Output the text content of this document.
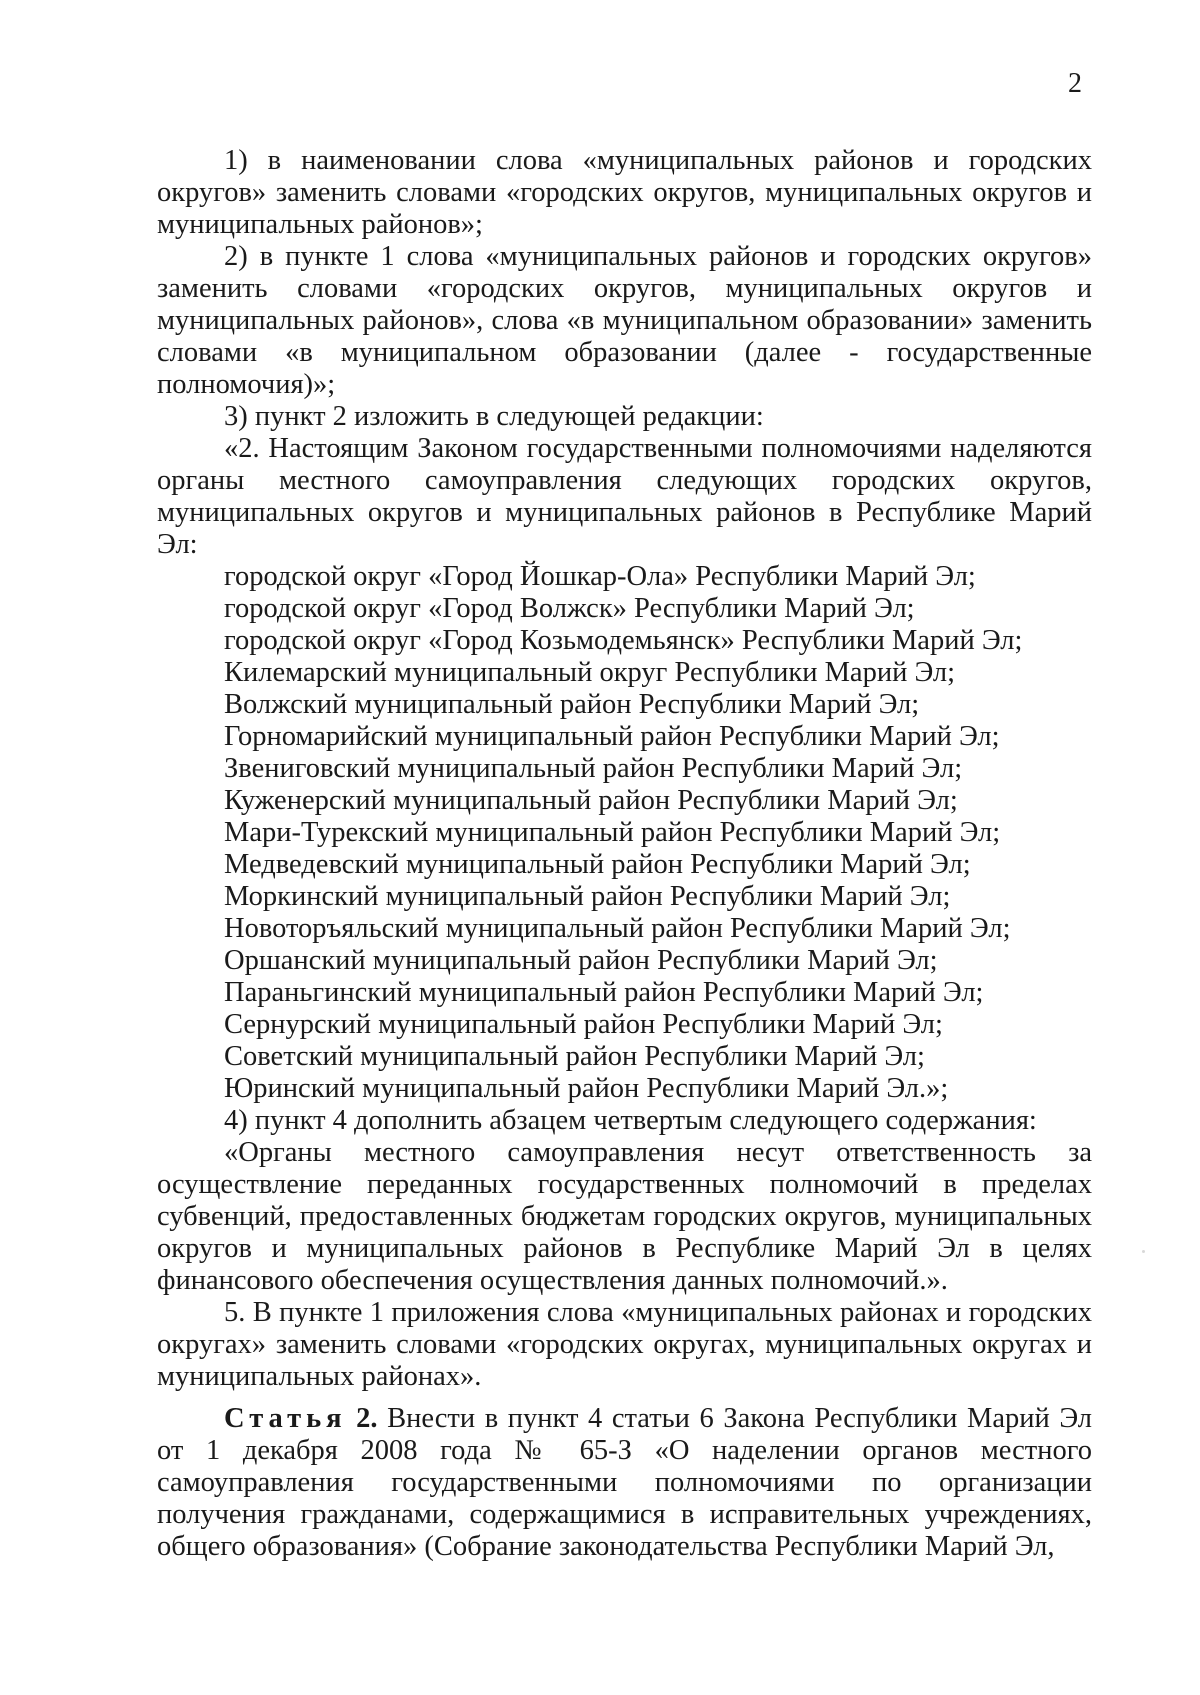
2

1) в наименовании слова «муниципальных районов и городских округов» заменить словами «городских округов, муниципальных округов и муниципальных районов»;

2) в пункте 1 слова «муниципальных районов и городских округов» заменить словами «городских округов, муниципальных округов и муниципальных районов», слова «в муниципальном образовании» заменить словами «в муниципальном образовании (далее - государственные полномочия)»;

3) пункт 2 изложить в следующей редакции:

«2. Настоящим Законом государственными полномочиями наделяются органы местного самоуправления следующих городских округов, муниципальных округов и муниципальных районов в Республике Марий Эл:

городской округ «Город Йошкар-Ола» Республики Марий Эл;
городской округ «Город Волжск» Республики Марий Эл;
городской округ «Город Козьмодемьянск» Республики Марий Эл;
Килемарский муниципальный округ Республики Марий Эл;
Волжский муниципальный район Республики Марий Эл;
Горномарийский муниципальный район Республики Марий Эл;
Звениговский муниципальный район Республики Марий Эл;
Куженерский муниципальный район Республики Марий Эл;
Мари-Турекский муниципальный район Республики Марий Эл;
Медведевский муниципальный район Республики Марий Эл;
Моркинский муниципальный район Республики Марий Эл;
Новоторъяльский муниципальный район Республики Марий Эл;
Оршанский муниципальный район Республики Марий Эл;
Параньгинский муниципальный район Республики Марий Эл;
Сернурский муниципальный район Республики Марий Эл;
Советский муниципальный район Республики Марий Эл;
Юринский муниципальный район Республики Марий Эл.»;

4) пункт 4 дополнить абзацем четвертым следующего содержания:

«Органы местного самоуправления несут ответственность за осуществление переданных государственных полномочий в пределах субвенций, предоставленных бюджетам городских округов, муниципальных округов и муниципальных районов в Республике Марий Эл в целях финансового обеспечения осуществления данных полномочий.».

5. В пункте 1 приложения слова «муниципальных районах и городских округах» заменить словами «городских округах, муниципальных округах и муниципальных районах».

Статья 2. Внести в пункт 4 статьи 6 Закона Республики Марий Эл от 1 декабря 2008 года № 65-З «О наделении органов местного самоуправления государственными полномочиями по организации получения гражданами, содержащимися в исправительных учреждениях, общего образования» (Собрание законодательства Республики Марий Эл,
